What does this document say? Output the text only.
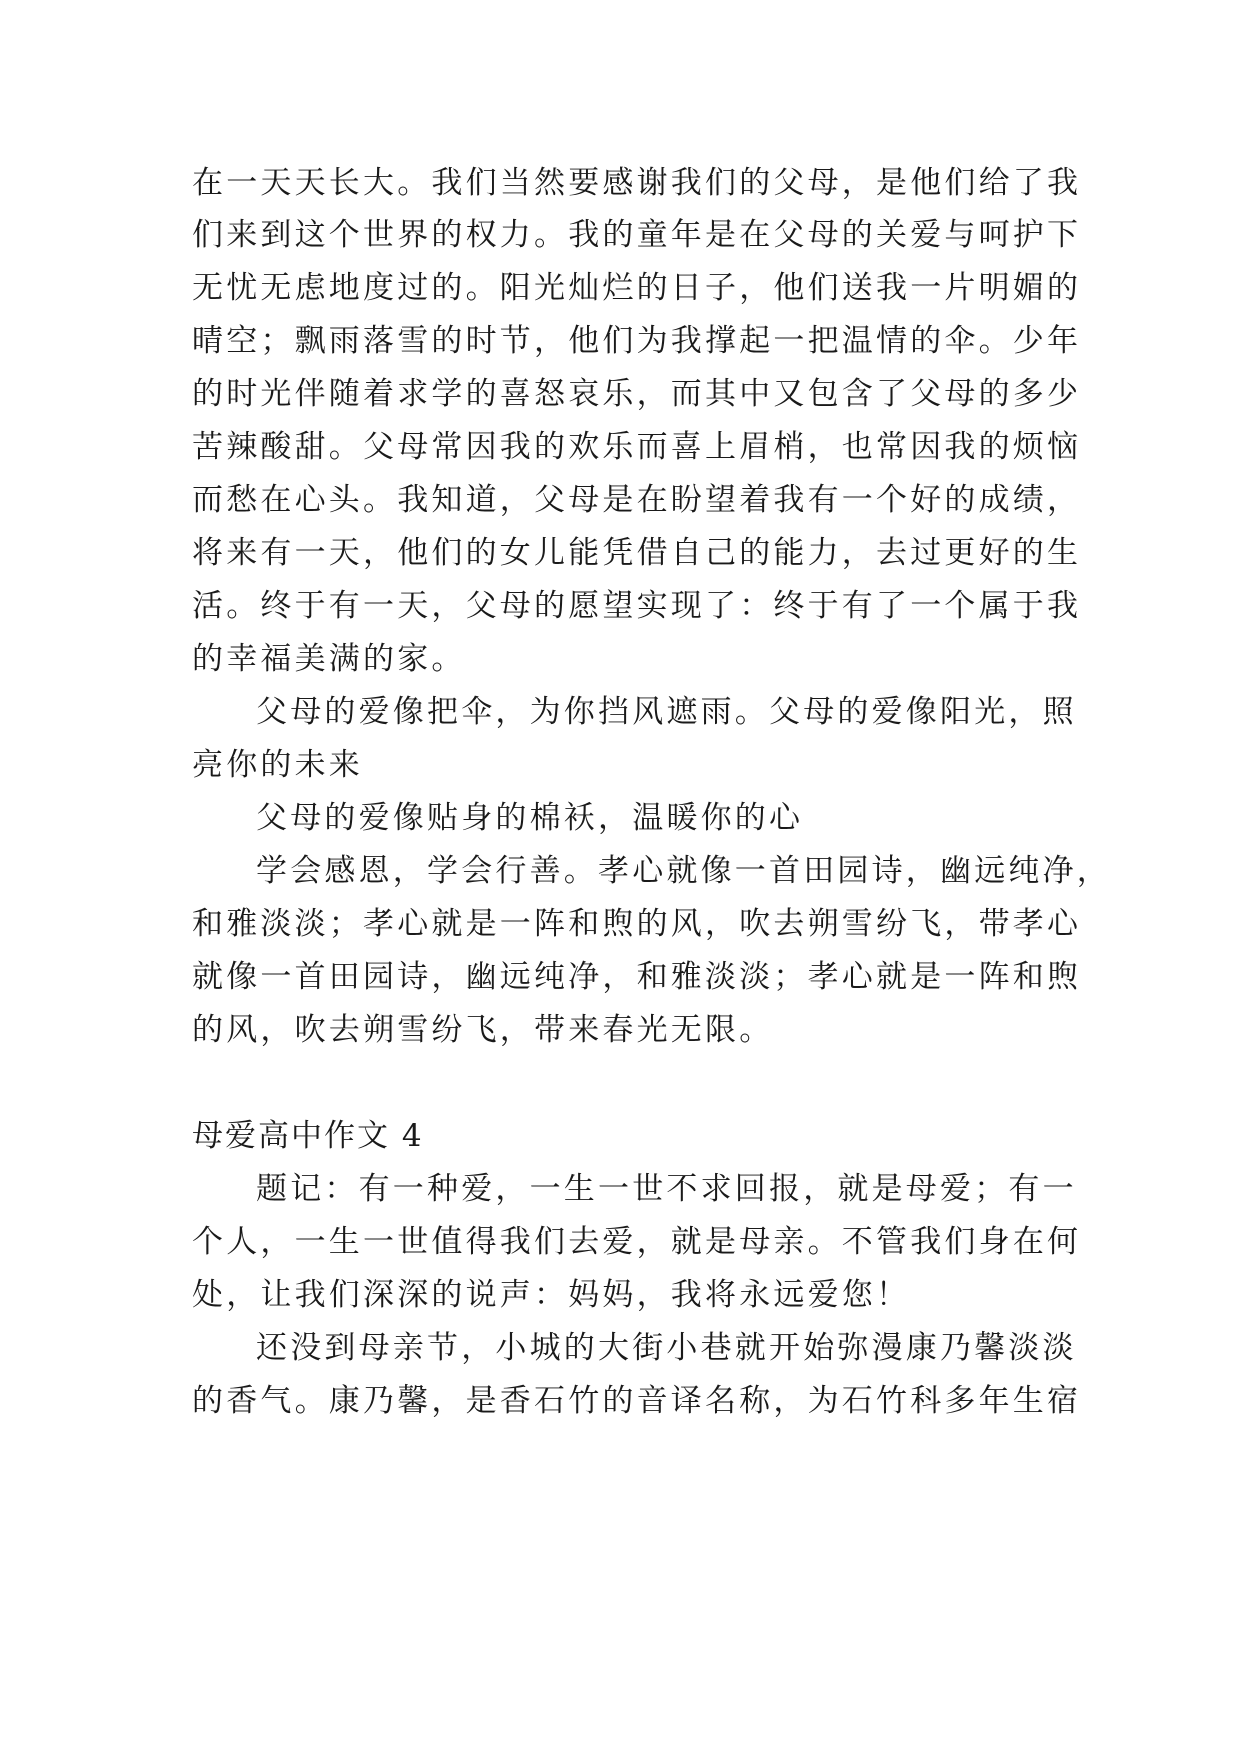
在一天天长大。我们当然要感谢我们的父母，是他们给了我
们来到这个世界的权力。我的童年是在父母的关爱与呵护下
无忧无虑地度过的。阳光灿烂的日子，他们送我一片明媚的
晴空；飘雨落雪的时节，他们为我撑起一把温情的伞。少年
的时光伴随着求学的喜怒哀乐，而其中又包含了父母的多少
苦辣酸甜。父母常因我的欢乐而喜上眉梢，也常因我的烦恼
而愁在心头。我知道，父母是在盼望着我有一个好的成绩，
将来有一天，他们的女儿能凭借自己的能力，去过更好的生
活。终于有一天，父母的愿望实现了：终于有了一个属于我
的幸福美满的家。
父母的爱像把伞，为你挡风遮雨。父母的爱像阳光，照
亮你的未来
父母的爱像贴身的棉袄，温暖你的心
学会感恩，学会行善。孝心就像一首田园诗，幽远纯净，
和雅淡淡；孝心就是一阵和煦的风，吹去朔雪纷飞，带孝心
就像一首田园诗，幽远纯净，和雅淡淡；孝心就是一阵和煦
的风，吹去朔雪纷飞，带来春光无限。
母爱高中作文 4
题记：有一种爱，一生一世不求回报，就是母爱；有一
个人，一生一世值得我们去爱，就是母亲。不管我们身在何
处，让我们深深的说声：妈妈，我将永远爱您！
还没到母亲节，小城的大街小巷就开始弥漫康乃馨淡淡
的香气。康乃馨，是香石竹的音译名称，为石竹科多年生宿
